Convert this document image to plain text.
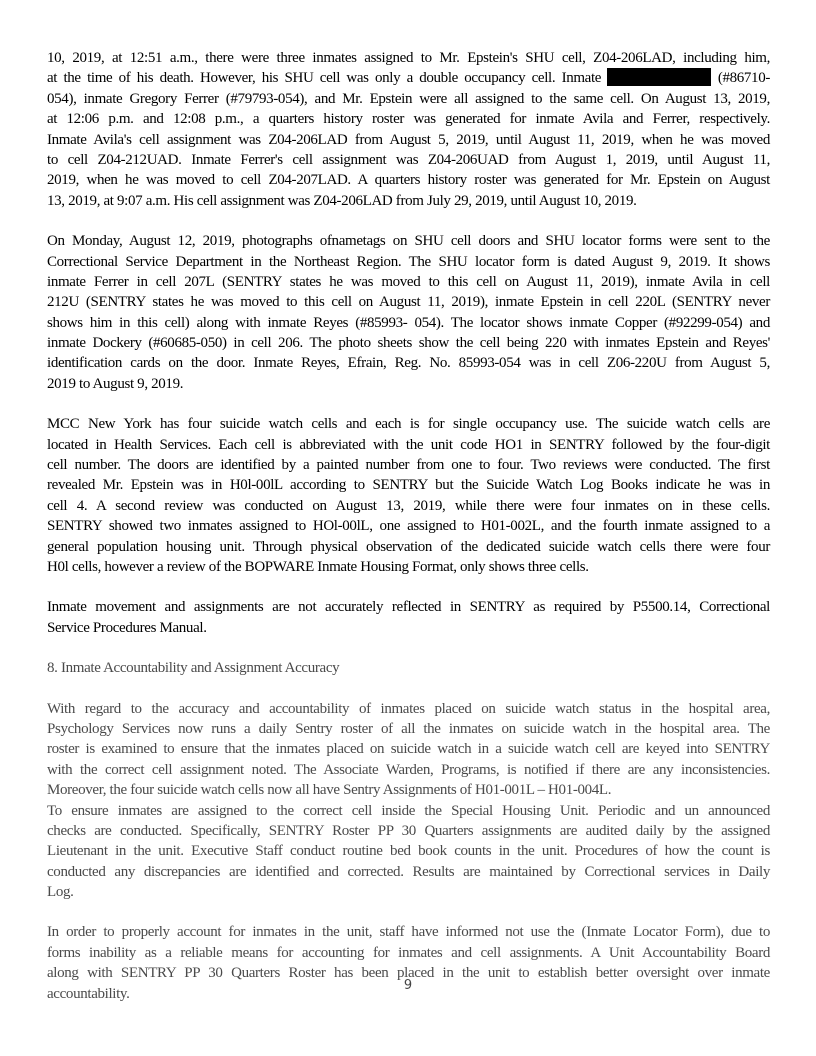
10, 2019, at 12:51 a.m., there were three inmates assigned to Mr. Epstein's SHU cell, Z04-206LAD, including him,
at the time of his death. However, his SHU cell was only a double occupancy cell. Inmate	(#86710-
054), inmate Gregory Ferrer (#79793-054), and Mr. Epstein were all assigned to the same cell. On August 13, 2019,
at 12:06 p.m. and 12:08 p.m., a quarters history roster was generated for inmate Avila and Ferrer, respectively.
Inmate Avila's cell assignment was Z04-206LAD from August 5, 2019, until August 11, 2019, when he was moved
to cell Z04-212UAD. Inmate Ferrer's cell assignment was Z04-206UAD from August 1, 2019, until August 11,
2019, when he was moved to cell Z04-207LAD. A quarters history roster was generated for Mr. Epstein on August
13, 2019, at 9:07 a.m. His cell assignment was Z04-206LAD from July 29, 2019, until August 10, 2019.
On Monday, August 12, 2019, photographs ofnametags on SHU cell doors and SHU locator forms were sent to the
Correctional Service Department in the Northeast Region. The SHU locator form is dated August 9, 2019. It shows
inmate Ferrer in cell 207L (SENTRY states he was moved to this cell on August 11, 2019), inmate Avila in cell
212U (SENTRY states he was moved to this cell on August 11, 2019), inmate Epstein in cell 220L (SENTRY never
shows him in this cell) along with inmate Reyes (#85993- 054). The locator shows inmate Copper (#92299-054) and
inmate Dockery (#60685-050) in cell 206. The photo sheets show the cell being 220 with inmates Epstein and Reyes'
identification cards on the door. Inmate Reyes, Efrain, Reg. No. 85993-054 was in cell Z06-220U from August 5,
2019 to August 9, 2019.
MCC New York has four suicide watch cells and each is for single occupancy use. The suicide watch cells are
located in Health Services. Each cell is abbreviated with the unit code HO1 in SENTRY followed by the four-digit
cell number. The doors are identified by a painted number from one to four. Two reviews were conducted. The first
revealed Mr. Epstein was in H0l-00lL according to SENTRY but the Suicide Watch Log Books indicate he was in
cell 4. A second review was conducted on August 13, 2019, while there were four inmates on in these cells.
SENTRY showed two inmates assigned to HOl-00lL, one assigned to H01-002L, and the fourth inmate assigned to a
general population housing unit. Through physical observation of the dedicated suicide watch cells there were four
H0l cells, however a review of the BOPWARE Inmate Housing Format, only shows three cells.
Inmate movement and assignments are not accurately reflected in SENTRY as required by P5500.14, Correctional
Service Procedures Manual.
8. Inmate Accountability and Assignment Accuracy
With regard to the accuracy and accountability of inmates placed on suicide watch status in the hospital area,
Psychology Services now runs a daily Sentry roster of all the inmates on suicide watch in the hospital area. The
roster is examined to ensure that the inmates placed on suicide watch in a suicide watch cell are keyed into SENTRY
with the correct cell assignment noted. The Associate Warden, Programs, is notified if there are any inconsistencies.
Moreover, the four suicide watch cells now all have Sentry Assignments of H01-001L – H01-004L.
To ensure inmates are assigned to the correct cell inside the Special Housing Unit. Periodic and un announced
checks are conducted. Specifically, SENTRY Roster PP 30 Quarters assignments are audited daily by the assigned
Lieutenant in the unit. Executive Staff conduct routine bed book counts in the unit. Procedures of how the count is
conducted any discrepancies are identified and corrected. Results are maintained by Correctional services in Daily
Log.
In order to properly account for inmates in the unit, staff have informed not use the (Inmate Locator Form), due to
forms inability as a reliable means for accounting for inmates and cell assignments. A Unit Accountability Board
along with SENTRY PP 30 Quarters Roster has been placed in the unit to establish better oversight over inmate
accountability.
9
